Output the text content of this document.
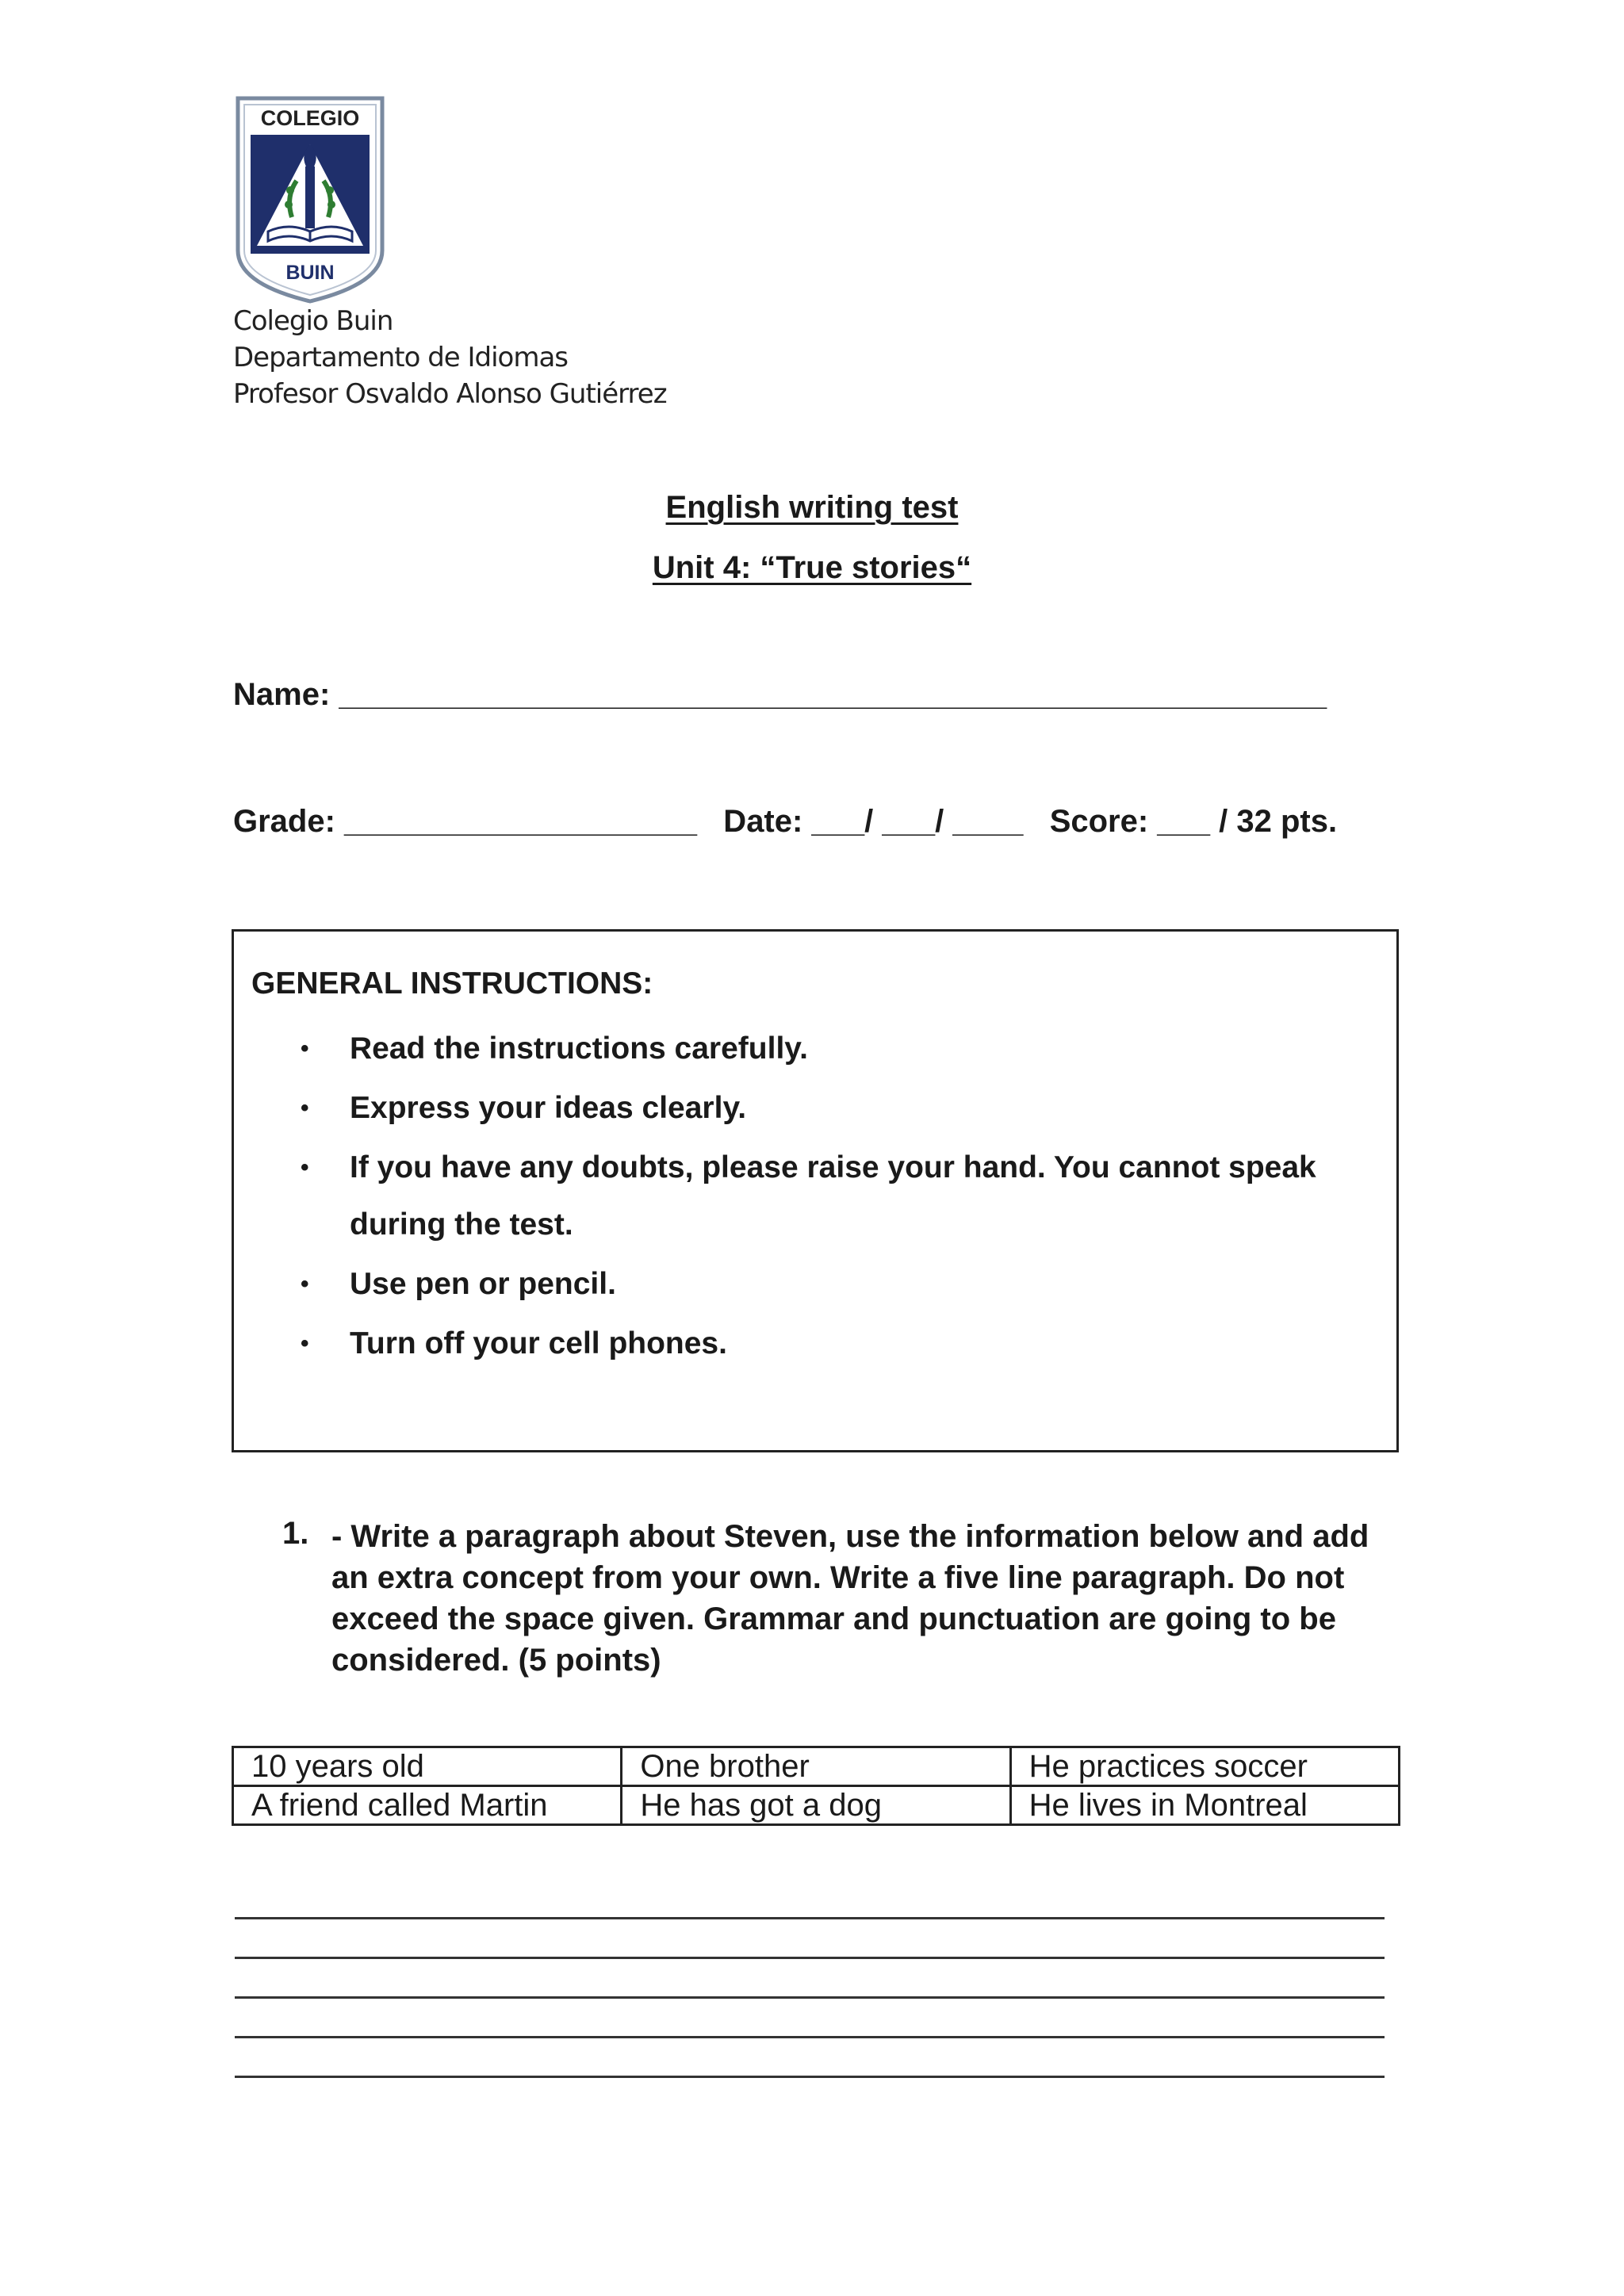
COLEGIO
BUIN
Colegio Buin
Departamento de Idiomas
Profesor Osvaldo Alonso Gutiérrez
English writing test
Unit 4: “True stories“
Name: ________________________________________________________
Grade: ____________________   Date: ___/ ___/ ____   Score: ___ / 32 pts.
GENERAL INSTRUCTIONS:
• Read the instructions carefully.
• Express your ideas clearly.
• If you have any doubts, please raise your hand. You cannot speak during the test.
• Use pen or pencil.
• Turn off your cell phones.
1. - Write a paragraph about Steven, use the information below and add an extra concept from your own. Write a five line paragraph. Do not exceed the space given. Grammar and punctuation are going to be considered. (5 points)
10 years old	One brother	He practices soccer
A friend called Martin	He has got a dog	He lives in Montreal
